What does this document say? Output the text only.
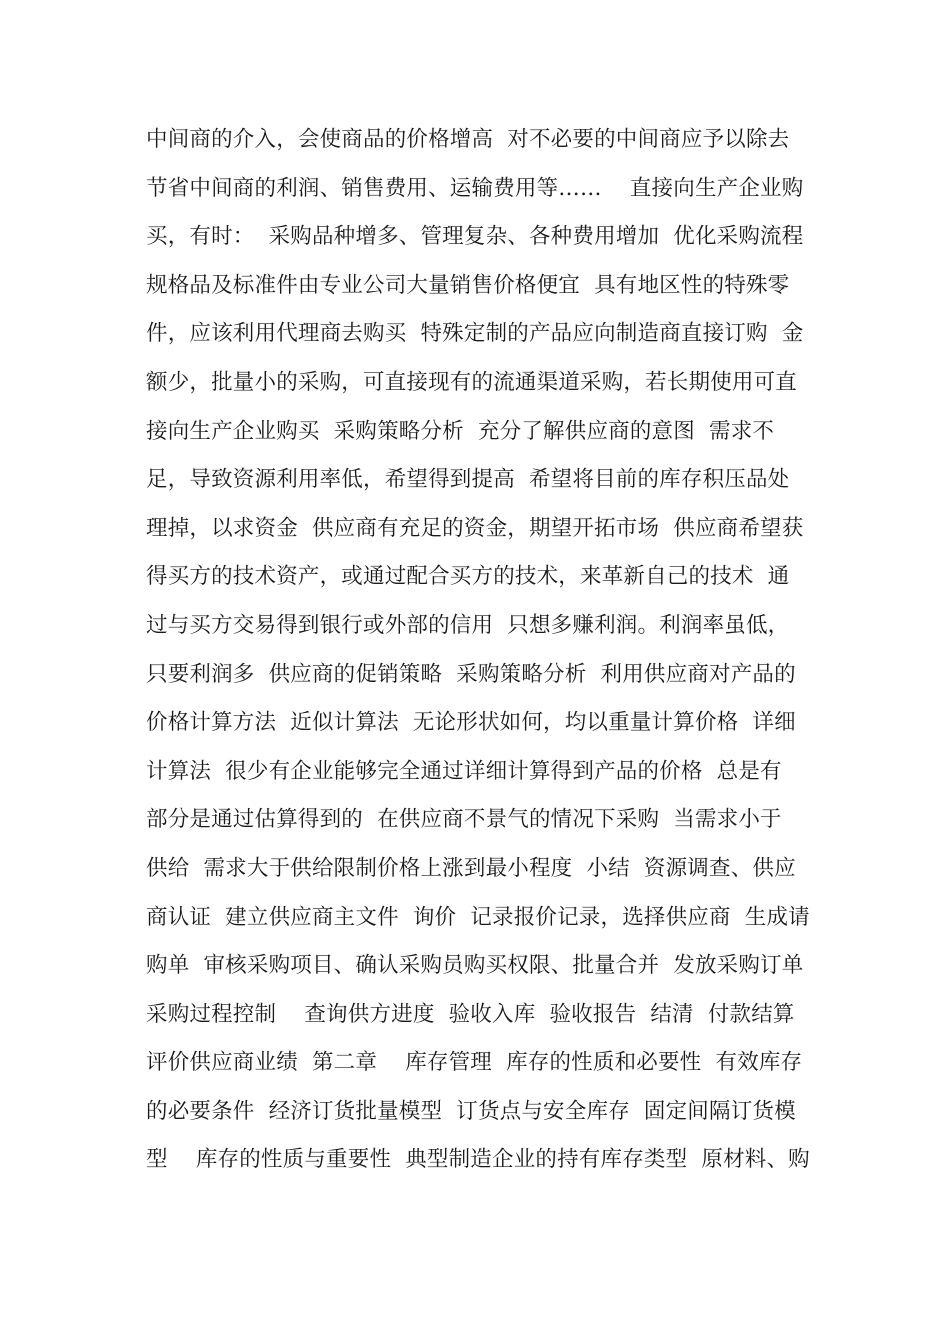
中间商的介入，会使商品的价格增高  对不必要的中间商应予以除去
节省中间商的利润、销售费用、运输费用等……    直接向生产企业购
买，有时：  采购品种增多、管理复杂、各种费用增加  优化采购流程
规格品及标准件由专业公司大量销售价格便宜  具有地区性的特殊零
件，应该利用代理商去购买  特殊定制的产品应向制造商直接订购  金
额少，批量小的采购，可直接现有的流通渠道采购，若长期使用可直
接向生产企业购买  采购策略分析  充分了解供应商的意图  需求不
足，导致资源利用率低，希望得到提高  希望将目前的库存积压品处
理掉，以求资金  供应商有充足的资金，期望开拓市场  供应商希望获
得买方的技术资产，或通过配合买方的技术，来革新自己的技术  通
过与买方交易得到银行或外部的信用  只想多赚利润。利润率虽低，
只要利润多  供应商的促销策略  采购策略分析  利用供应商对产品的
价格计算方法  近似计算法  无论形状如何，均以重量计算价格  详细
计算法  很少有企业能够完全通过详细计算得到产品的价格  总是有
部分是通过估算得到的  在供应商不景气的情况下采购  当需求小于
供给  需求大于供给限制价格上涨到最小程度  小结  资源调查、供应
商认证  建立供应商主文件  询价  记录报价记录，选择供应商  生成请
购单  审核采购项目、确认采购员购买权限、批量合并  发放采购订单
采购过程控制    查询供方进度  验收入库  验收报告  结清  付款结算
评价供应商业绩  第二章    库存管理  库存的性质和必要性  有效库存
的必要条件  经济订货批量模型  订货点与安全库存  固定间隔订货模
型    库存的性质与重要性  典型制造企业的持有库存类型  原材料、购
